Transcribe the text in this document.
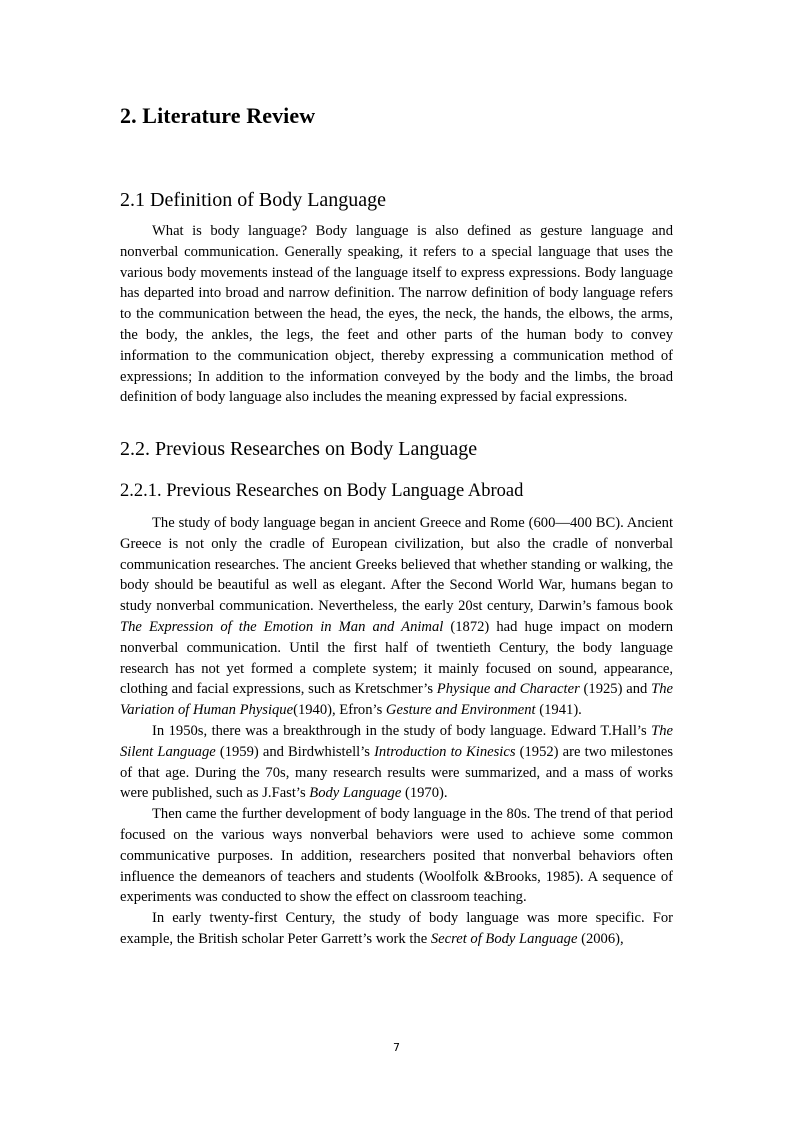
2. Literature Review
2.1 Definition of Body Language

What is body language? Body language is also defined as gesture language and nonverbal communication. Generally speaking, it refers to a special language that uses the various body movements instead of the language itself to express expressions. Body language has departed into broad and narrow definition. The narrow definition of body language refers to the communication between the head, the eyes, the neck, the hands, the elbows, the arms, the body, the ankles, the legs, the feet and other parts of the human body to convey information to the communication object, thereby expressing a communication method of expressions; In addition to the information conveyed by the body and the limbs, the broad definition of body language also includes the meaning expressed by facial expressions.

2.2. Previous Researches on Body Language
2.2.1. Previous Researches on Body Language Abroad

The study of body language began in ancient Greece and Rome (600—400 BC). Ancient Greece is not only the cradle of European civilization, but also the cradle of nonverbal communication researches. The ancient Greeks believed that whether standing or walking, the body should be beautiful as well as elegant. After the Second World War, humans began to study nonverbal communication. Nevertheless, the early 20st century, Darwin’s famous book The Expression of the Emotion in Man and Animal (1872) had huge impact on modern nonverbal communication. Until the first half of twentieth Century, the body language research has not yet formed a complete system; it mainly focused on sound, appearance, clothing and facial expressions, such as Kretschmer’s Physique and Character (1925) and The Variation of Human Physique(1940), Efron’s Gesture and Environment (1941).

In 1950s, there was a breakthrough in the study of body language. Edward T.Hall’s The Silent Language (1959) and Birdwhistell’s Introduction to Kinesics (1952) are two milestones of that age. During the 70s, many research results were summarized, and a mass of works were published, such as J.Fast’s Body Language (1970).

Then came the further development of body language in the 80s. The trend of that period focused on the various ways nonverbal behaviors were used to achieve some common communicative purposes. In addition, researchers posited that nonverbal behaviors often influence the demeanors of teachers and students (Woolfolk &Brooks, 1985). A sequence of experiments was conducted to show the effect on classroom teaching.

In early twenty-first Century, the study of body language was more specific. For example, the British scholar Peter Garrett’s work the Secret of Body Language (2006),

7
